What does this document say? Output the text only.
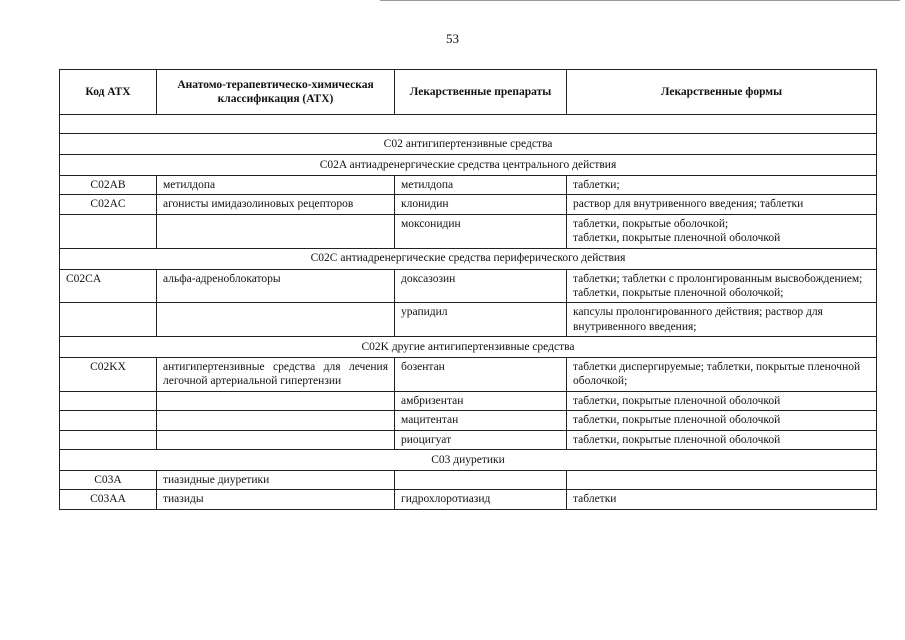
53
Код АТХ	Анатомо-терапевтическо-химическая классификация (АТХ)	Лекарственные препараты	Лекарственные формы

C02 антигипертензивные средства			
C02A антиадренергические средства центрального действия			
C02AB	метилдопа	метилдопа	таблетки;
C02AC	агонисты имидазолиновых рецепторов	клонидин	раствор для внутривенного введения; таблетки
		моксонидин	таблетки, покрытые оболочкой;
таблетки, покрытые пленочной оболочкой
C02C антиадренергические средства периферического действия			
C02CA	альфа-адреноблокаторы	доксазозин	таблетки; таблетки с пролонгированным высвобождением; таблетки, покрытые пленочной оболочкой;
		урапидил	капсулы пролонгированного действия; раствор для внутривенного введения;
C02K другие антигипертензивные средства			
C02KX	антигипертензивные средства для лечения легочной артериальной гипертензии	бозентан	таблетки диспергируемые; таблетки, покрытые пленочной оболочкой;
		амбризентан	таблетки, покрытые пленочной оболочкой
		мацитентан	таблетки, покрытые пленочной оболочкой
		риоцигуат	таблетки, покрытые пленочной оболочкой
C03 диуретики			
C03A	тиазидные диуретики		
C03AA	тиазиды	гидрохлоротиазид	таблетки
